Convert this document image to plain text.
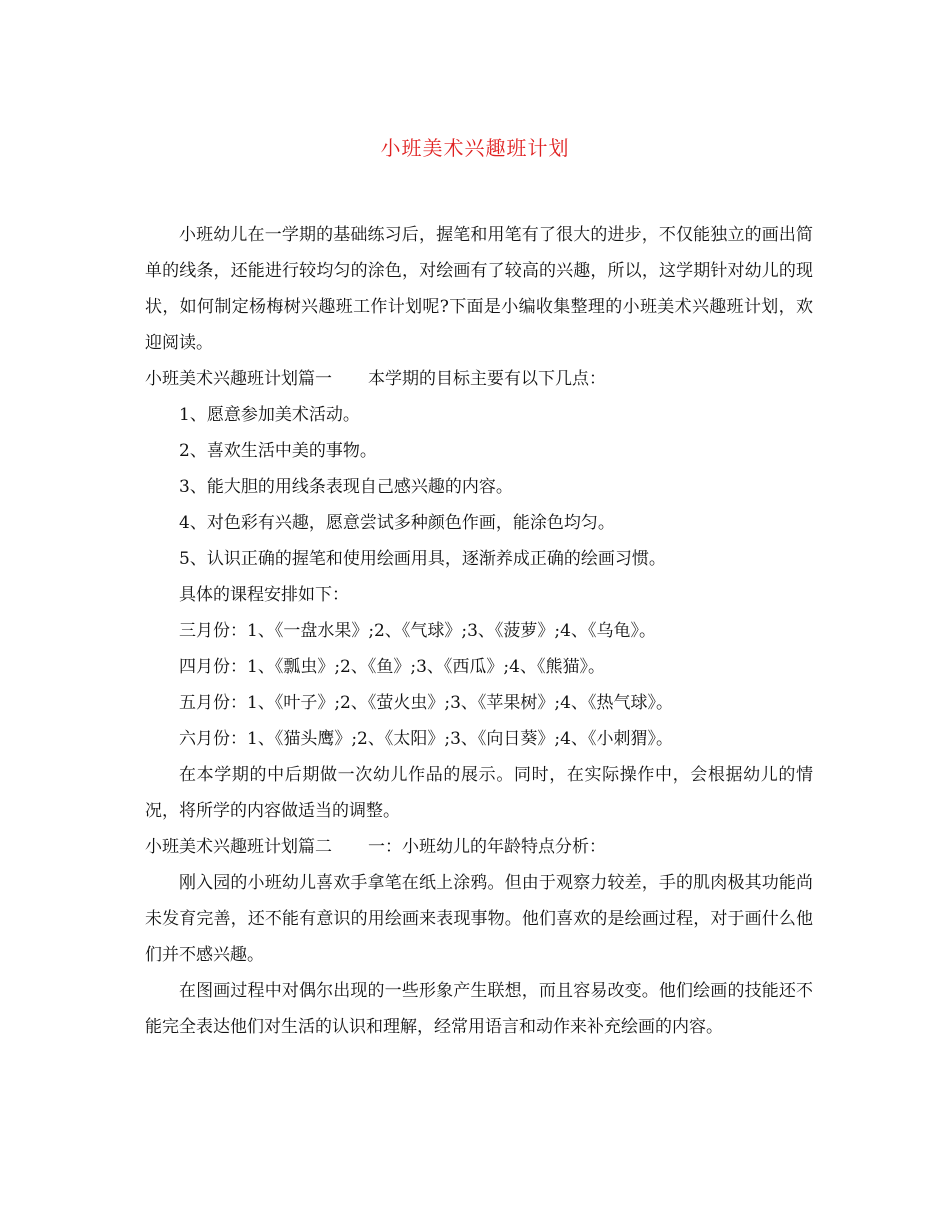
小班美术兴趣班计划

小班幼儿在一学期的基础练习后，握笔和用笔有了很大的进步，不仅能独立的画出简单的线条，还能进行较均匀的涂色，对绘画有了较高的兴趣，所以，这学期针对幼儿的现状，如何制定杨梅树兴趣班工作计划呢?下面是小编收集整理的小班美术兴趣班计划，欢迎阅读。

小班美术兴趣班计划篇一 本学期的目标主要有以下几点：

1、愿意参加美术活动。

2、喜欢生活中美的事物。

3、能大胆的用线条表现自己感兴趣的内容。

4、对色彩有兴趣，愿意尝试多种颜色作画，能涂色均匀。

5、认识正确的握笔和使用绘画用具，逐渐养成正确的绘画习惯。

具体的课程安排如下：

三月份：1、《一盘水果》;2、《气球》;3、《菠萝》;4、《乌龟》。

四月份：1、《瓢虫》;2、《鱼》;3、《西瓜》;4、《熊猫》。

五月份：1、《叶子》;2、《萤火虫》;3、《苹果树》;4、《热气球》。

六月份：1、《猫头鹰》;2、《太阳》;3、《向日葵》;4、《小刺猬》。

在本学期的中后期做一次幼儿作品的展示。同时，在实际操作中，会根据幼儿的情况，将所学的内容做适当的调整。

小班美术兴趣班计划篇二 一：小班幼儿的年龄特点分析：

刚入园的小班幼儿喜欢手拿笔在纸上涂鸦。但由于观察力较差，手的肌肉极其功能尚未发育完善，还不能有意识的用绘画来表现事物。他们喜欢的是绘画过程，对于画什么他们并不感兴趣。

在图画过程中对偶尔出现的一些形象产生联想，而且容易改变。他们绘画的技能还不能完全表达他们对生活的认识和理解，经常用语言和动作来补充绘画的内容。
